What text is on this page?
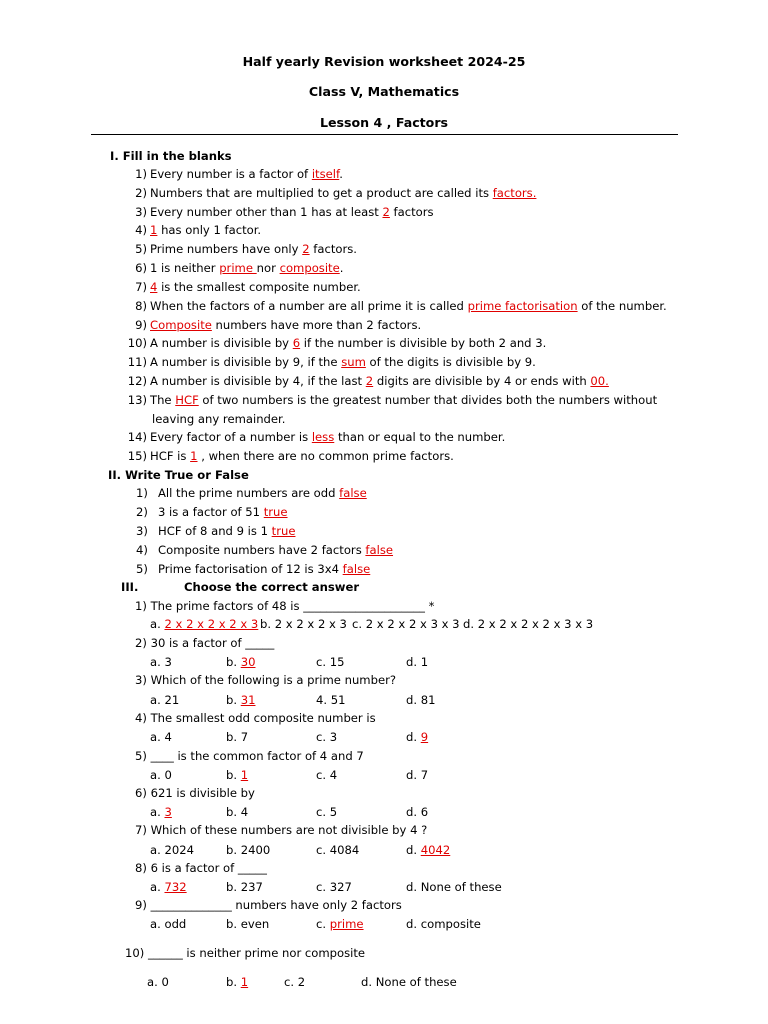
Half yearly Revision worksheet 2024-25
Class V, Mathematics
Lesson 4 , Factors
I. Fill in the blanks
1) Every number is a factor of itself.
2) Numbers that are multiplied to get a product are called its factors.
3) Every number other than 1 has at least 2 factors
4) 1 has only 1 factor.
5) Prime numbers have only 2 factors.
6) 1 is neither prime nor composite.
7) 4 is the smallest composite number.
8) When the factors of a number are all prime it is called prime factorisation of the number.
9) Composite numbers have more than 2 factors.
10) A number is divisible by 6 if the number is divisible by both 2 and 3.
11) A number is divisible by 9, if the sum of the digits is divisible by 9.
12) A number is divisible by 4, if the last 2 digits are divisible by 4 or ends with 00.
13) The HCF of two numbers is the greatest number that divides both the numbers without
leaving any remainder.
14) Every factor of a number is less than or equal to the number.
15) HCF is 1 , when there are no common prime factors.
II. Write True or False
1) All the prime numbers are odd false
2) 3 is a factor of 51 true
3) HCF of 8 and 9 is 1 true
4) Composite numbers have 2 factors false
5) Prime factorisation of 12 is 3x4 false
III.	Choose the correct answer
1) The prime factors of 48 is _____________________ *
a. 2 x 2 x 2 x 2 x 3 b. 2 x 2 x 2 x 3 c. 2 x 2 x 2 x 3 x 3 d. 2 x 2 x 2 x 2 x 3 x 3
2) 30 is a factor of _____
a. 3	b. 30	c. 15	d. 1
3) Which of the following is a prime number?
a. 21	b. 31	4. 51	d. 81
4) The smallest odd composite number is
a. 4	b. 7	c. 3	d. 9
5) ____ is the common factor of 4 and 7
a. 0	b. 1	c. 4	d. 7
6) 621 is divisible by
a. 3	b. 4	c. 5	d. 6
7) Which of these numbers are not divisible by 4 ?
a. 2024	b. 2400	c. 4084	d. 4042
8) 6 is a factor of _____
a. 732	b. 237	c. 327	d. None of these
9) ______________ numbers have only 2 factors
a. odd	b. even	c. prime	d. composite
10) ______ is neither prime nor composite
a. 0	b. 1	c. 2	d. None of these
